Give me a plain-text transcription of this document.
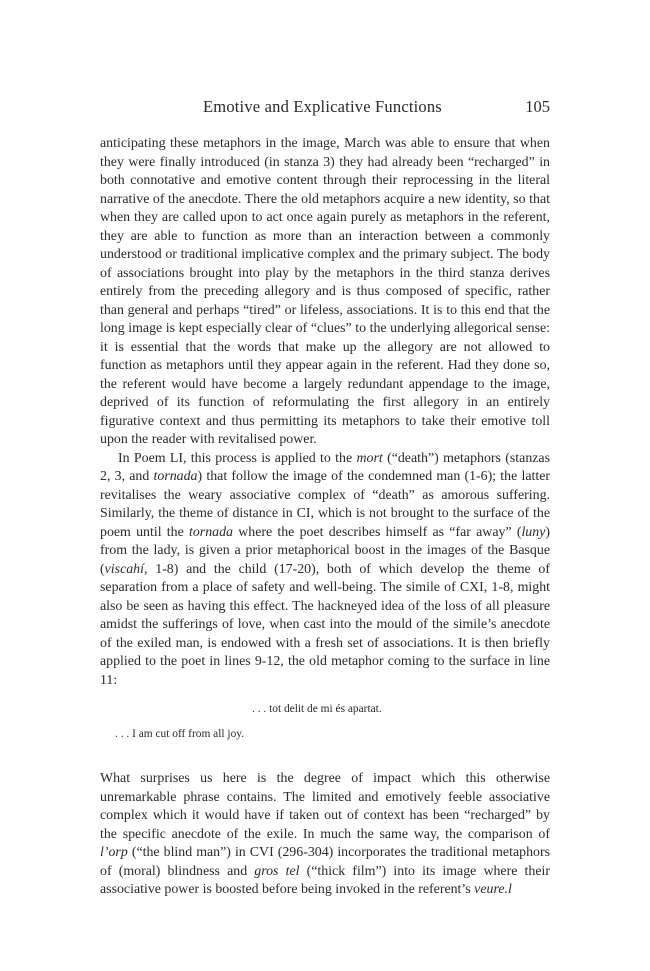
Emotive and Explicative Functions	105

anticipating these metaphors in the image, March was able to ensure that when they were finally introduced (in stanza 3) they had already been “recharged” in both connotative and emotive content through their reprocessing in the literal narrative of the anecdote. There the old metaphors acquire a new identity, so that when they are called upon to act once again purely as metaphors in the referent, they are able to function as more than an interaction between a commonly understood or traditional implicative complex and the primary subject. The body of associations brought into play by the metaphors in the third stanza derives entirely from the preceding allegory and is thus composed of specific, rather than general and perhaps “tired” or lifeless, associations. It is to this end that the long image is kept especially clear of “clues” to the underlying allegorical sense: it is essential that the words that make up the allegory are not allowed to function as metaphors until they appear again in the referent. Had they done so, the referent would have become a largely redundant appendage to the image, deprived of its function of reformulating the first allegory in an entirely figurative context and thus permitting its metaphors to take their emotive toll upon the reader with revitalised power.

In Poem LI, this process is applied to the mort (“death”) metaphors (stanzas 2, 3, and tornada) that follow the image of the condemned man (1-6); the latter revitalises the weary associative complex of “death” as amorous suffering. Similarly, the theme of distance in CI, which is not brought to the surface of the poem until the tornada where the poet describes himself as “far away” (luny) from the lady, is given a prior metaphorical boost in the images of the Basque (viscahí, 1-8) and the child (17-20), both of which develop the theme of separation from a place of safety and well-being. The simile of CXI, 1-8, might also be seen as having this effect. The hackneyed idea of the loss of all pleasure amidst the sufferings of love, when cast into the mould of the simile’s anecdote of the exiled man, is endowed with a fresh set of associations. It is then briefly applied to the poet in lines 9-12, the old metaphor coming to the surface in line 11:

. . . tot delit de mi és apartat.
. . . I am cut off from all joy.

What surprises us here is the degree of impact which this otherwise unremarkable phrase contains. The limited and emotively feeble associative complex which it would have if taken out of context has been “recharged” by the specific anecdote of the exile. In much the same way, the comparison of l’orp (“the blind man”) in CVI (296-304) incorporates the traditional metaphors of (moral) blindness and gros tel (“thick film”) into its image where their associative power is boosted before being invoked in the referent’s veure.l
